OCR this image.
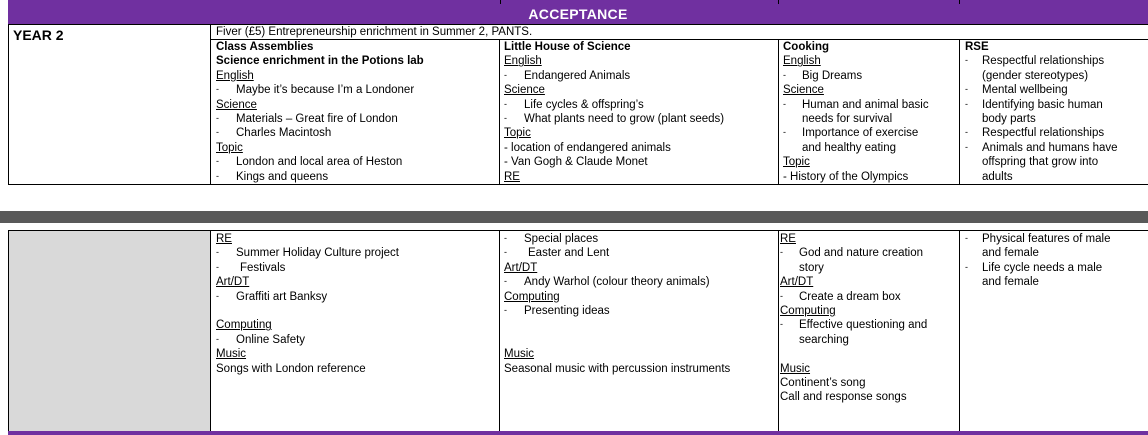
ACCEPTANCE
YEAR 2	Fiver (£5) Entrepreneurship enrichment in Summer 2, PANTS.
Class Assemblies
Science enrichment in the Potions lab
English
Maybe it’s because I’m a Londoner
-
Science
Materials – Great fire of London
-
Charles Macintosh
-
Topic
London and local area of Heston
-
Kings and queens
-
Little House of Science
English
Endangered Animals
-
Science
Life cycles & offspring’s
-
What plants need to grow (plant seeds)
-
Topic
- location of endangered animals
- Van Gogh & Claude Monet
RE
Cooking
English
Big Dreams
-
Science
Human and animal basic
-
needs for survival
Importance of exercise
-
and healthy eating
Topic
- History of the Olympics
RSE
Respectful relationships
-
(gender stereotypes)
Mental wellbeing
-
Identifying basic human
-
body parts
Respectful relationships
-
Animals and humans have
-
offspring that grow into
adults
RE
Summer Holiday Culture project
-
Festivals
-
Art/DT
Graffiti art Banksy
-
Computing
Online Safety
-
Music
Songs with London reference
Special places
-
Easter and Lent
-
Art/DT
Andy Warhol (colour theory animals)
-
Computing
Presenting ideas
-
Music
Seasonal music with percussion instruments
RE
God and nature creation
-
story
Art/DT
Create a dream box
-
Computing
Effective questioning and
-
searching
Music
Continent’s song
Call and response songs
Physical features of male
-
and female
Life cycle needs a male
-
and female
